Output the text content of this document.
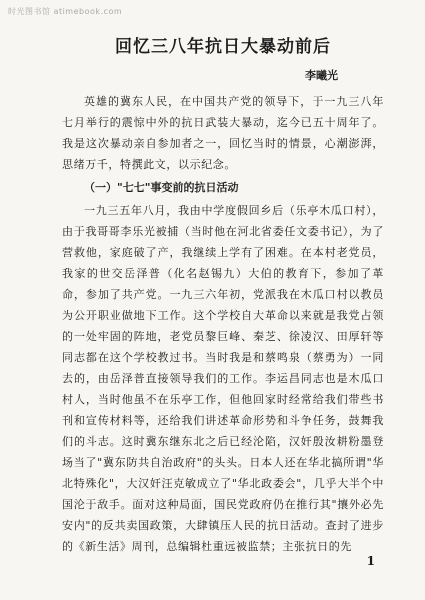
时光图书馆 atimebook.com
回忆三八年抗日大暴动前后
李曦光

英雄的冀东人民，在中国共产党的领导下，于一九三八年七月举行的震惊中外的抗日武装大暴动，迄今已五十周年了。我是这次暴动亲自参加者之一，回忆当时的情景，心潮澎湃，思绪万千，特撰此文，以示纪念。

（一）"七七"事变前的抗日活动

一九三五年八月，我由中学度假回乡后（乐亭木瓜口村），由于我哥哥李乐光被捕（当时他在河北省委任文委书记），为了营救他，家庭破了产，我继续上学有了困难。在本村老党员，我家的世交岳泽普（化名赵锡九）大伯的教育下，参加了革命，参加了共产党。一九三六年初，党派我在木瓜口村以教员为公开职业做地下工作。这个学校自大革命以来就是我党占领的一处牢固的阵地，老党员黎巨峰、秦芝、徐凌汉、田厚轩等同志都在这个学校教过书。当时我是和蔡鸣泉（蔡勇为）一同去的，由岳泽普直接领导我们的工作。李运昌同志也是木瓜口村人，当时他虽不在乐亭工作，但他回家时经常给我们带些书刊和宣传材料等，还给我们讲述革命形势和斗争任务，鼓舞我们的斗志。这时冀东继东北之后已经沦陷，汉奸殷汝耕粉墨登场当了"冀东防共自治政府"的头头。日本人还在华北搞所谓"华北特殊化"，大汉奸汪克敏成立了"华北政委会"，几乎大半个中国沦于敌手。面对这种局面，国民党政府仍在推行其"攘外必先安内"的反共卖国政策，大肆镇压人民的抗日活动。查封了进步的《新生活》周刊，总编辑杜重远被监禁；主张抗日的先

1
